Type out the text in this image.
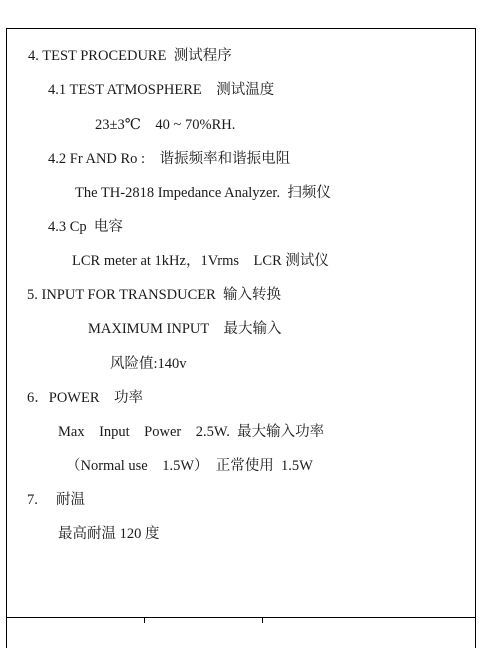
4. TEST PROCEDURE  测试程序
4.1 TEST ATMOSPHERE    测试温度
23±3℃    40 ~ 70%RH.
4.2 Fr AND Ro :    谐振频率和谐振电阻
The TH-2818 Impedance Analyzer.  扫频仪
4.3 Cp  电容
LCR meter at 1kHz，1Vrms    LCR 测试仪
5. INPUT FOR TRANSDUCER  输入转换
MAXIMUM INPUT    最大输入
风险值:140v
6．POWER    功率
Max    Input    Power    2.5W.  最大输入功率
（Normal use    1.5W）  正常使用  1.5W
7.     耐温
最高耐温 120 度
